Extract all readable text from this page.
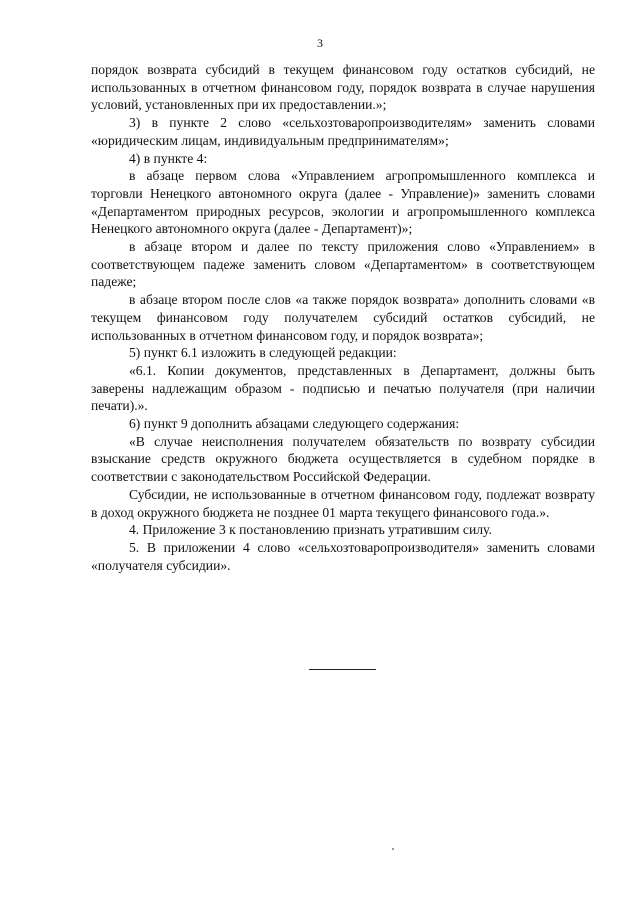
3

порядок возврата субсидий в текущем финансовом году остатков субсидий, не использованных в отчетном финансовом году, порядок возврата в случае нарушения условий, установленных при их предоставлении.»;

3) в пункте 2 слово «сельхозтоваропроизводителям» заменить словами «юридическим лицам, индивидуальным предпринимателям»;

4) в пункте 4:

в абзаце первом слова «Управлением агропромышленного комплекса и торговли Ненецкого автономного округа (далее - Управление)» заменить словами «Департаментом природных ресурсов, экологии и агропромышленного комплекса Ненецкого автономного округа (далее - Департамент)»;

в абзаце втором и далее по тексту приложения слово «Управлением» в соответствующем падеже заменить словом «Департаментом» в соответствующем падеже;

в абзаце втором после слов «а также порядок возврата» дополнить словами «в текущем финансовом году получателем субсидий остатков субсидий, не использованных в отчетном финансовом году, и порядок возврата»;

5) пункт 6.1 изложить в следующей редакции:

«6.1. Копии документов, представленных в Департамент, должны быть заверены надлежащим образом - подписью и печатью получателя (при наличии печати).».

6) пункт 9 дополнить абзацами следующего содержания:

«В случае неисполнения получателем обязательств по возврату субсидии взыскание средств окружного бюджета осуществляется в судебном порядке в соответствии с законодательством Российской Федерации.

Субсидии, не использованные в отчетном финансовом году, подлежат возврату в доход окружного бюджета не позднее 01 марта текущего финансового года.».

4. Приложение 3 к постановлению признать утратившим силу.

5. В приложении 4 слово «сельхозтоваропроизводителя» заменить словами «получателя субсидии».
